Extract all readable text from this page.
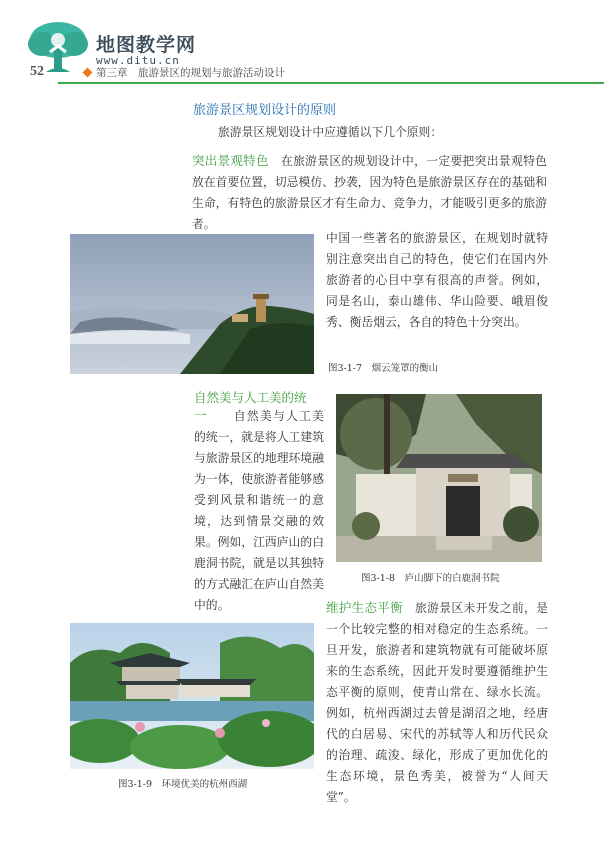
地图教学网
www.ditu.cn
52	第三章　旅游景区的规划与旅游活动设计
旅游景区规划设计的原则
旅游景区规划设计中应遵循以下几个原则：
突出景观特色　 在旅游景区的规划设计中，一定要把突出景观特色放在首要位置，切忌模仿、抄袭，因为特色是旅游景区存在的基础和生命，有特色的旅游景区才有生命力、竞争力，才能吸引更多的旅游者。
中国一些著名的旅游景区，在规划时就特别注意突出自己的特色，使它们在国内外旅游者的心目中享有很高的声誉。例如，同是名山，泰山雄伟、华山险要、峨眉俊秀、衡岳烟云，各自的特色十分突出。
图3-1-7　 烟云笼罩的衡山
自然美与人工美的统
一　　 自然美与人工美的统一，就是将人工建筑与旅游景区的地理环境融为一体，使旅游者能够感受到风景和谐统一的意境，达到情景交融的效果。例如，江西庐山的白鹿洞书院，就是以其独特的方式融汇在庐山自然美中的。
图3-1-8　 庐山脚下的白鹿洞书院
维护生态平衡　 旅游景区未开发之前，是一个比较完整的相对稳定的生态系统。一旦开发，旅游者和建筑物就有可能破坏原来的生态系统，因此开发时要遵循维护生态平衡的原则，使青山常在、绿水长流。例如，杭州西湖过去曾是湖沼之地，经唐代的白居易、宋代的苏轼等人和历代民众的治理、疏浚、绿化，形成了更加优化的生态环境，景色秀美，被誉为“人间天堂”。
图3-1-9　 环境优美的杭州西湖
